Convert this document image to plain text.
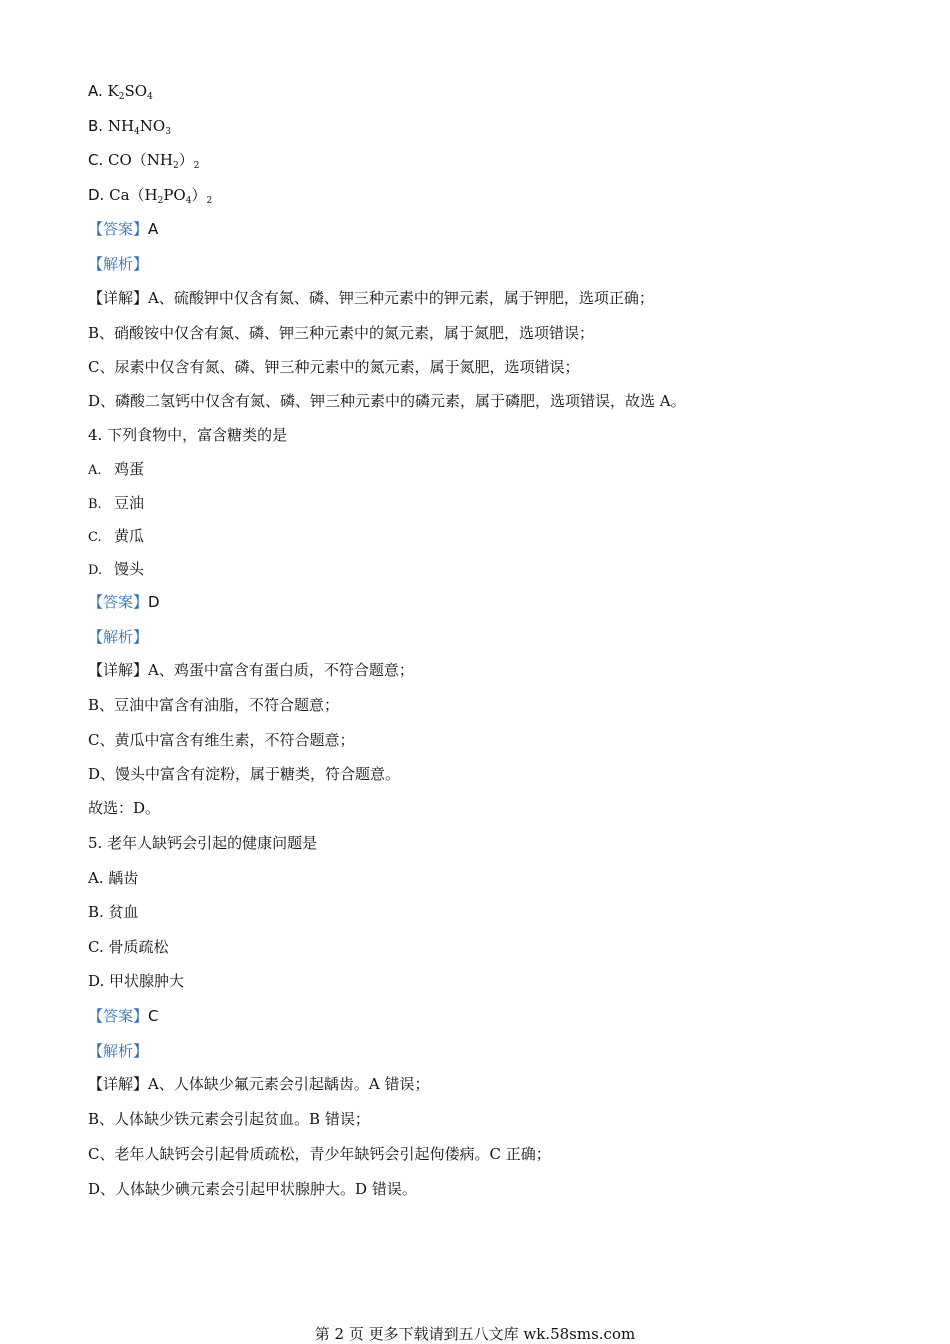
A. $K_2SO_4$
B. $NH_4NO_3$
C. $CO(NH_2)_2$
D. $Ca(H_2PO_4)_2$
【答案】A
【解析】
【详解】A、硫酸钾中仅含有氮、磷、钾三种元素中的钾元素，属于钾肥，选项正确；
B、硝酸铵中仅含有氮、磷、钾三种元素中的氮元素，属于氮肥，选项错误；
C、尿素中仅含有氮、磷、钾三种元素中的氮元素，属于氮肥，选项错误；
D、磷酸二氢钙中仅含有氮、磷、钾三种元素中的磷元素，属于磷肥，选项错误，故选 A。
4. 下列食物中，富含糖类的是
A. 鸡蛋
B. 豆油
C. 黄瓜
D. 馒头
【答案】D
【解析】
【详解】A、鸡蛋中富含有蛋白质，不符合题意；
B、豆油中富含有油脂，不符合题意；
C、黄瓜中富含有维生素，不符合题意；
D、馒头中富含有淀粉，属于糖类，符合题意。
故选：D。
5. 老年人缺钙会引起的健康问题是
A. 龋齿
B. 贫血
C. 骨质疏松
D. 甲状腺肿大
【答案】C
【解析】
【详解】A、人体缺少氟元素会引起龋齿。A 错误；
B、人体缺少铁元素会引起贫血。B 错误；
C、老年人缺钙会引起骨质疏松，青少年缺钙会引起佝偻病。C 正确；
D、人体缺少碘元素会引起甲状腺肿大。D 错误。
第 2 页 更多下载请到五八文库 wk.58sms.com
